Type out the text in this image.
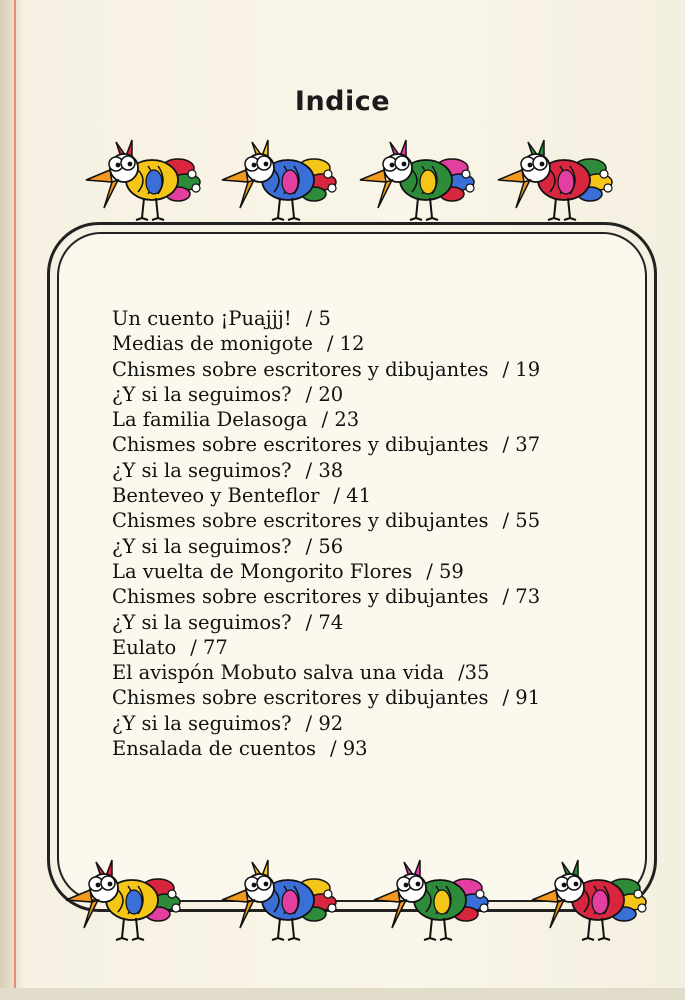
Indice
Un cuento ¡Puajjj! / 5
Medias de monigote / 12
Chismes sobre escritores y dibujantes / 19
¿Y si la seguimos? / 20
La familia Delasoga / 23
Chismes sobre escritores y dibujantes / 37
¿Y si la seguimos? / 38
Benteveo y Benteflor / 41
Chismes sobre escritores y dibujantes / 55
¿Y si la seguimos? / 56
La vuelta de Mongorito Flores / 59
Chismes sobre escritores y dibujantes / 73
¿Y si la seguimos? / 74
Eulato / 77
El avispón Mobuto salva una vida /35
Chismes sobre escritores y dibujantes / 91
¿Y si la seguimos? / 92
Ensalada de cuentos / 93
